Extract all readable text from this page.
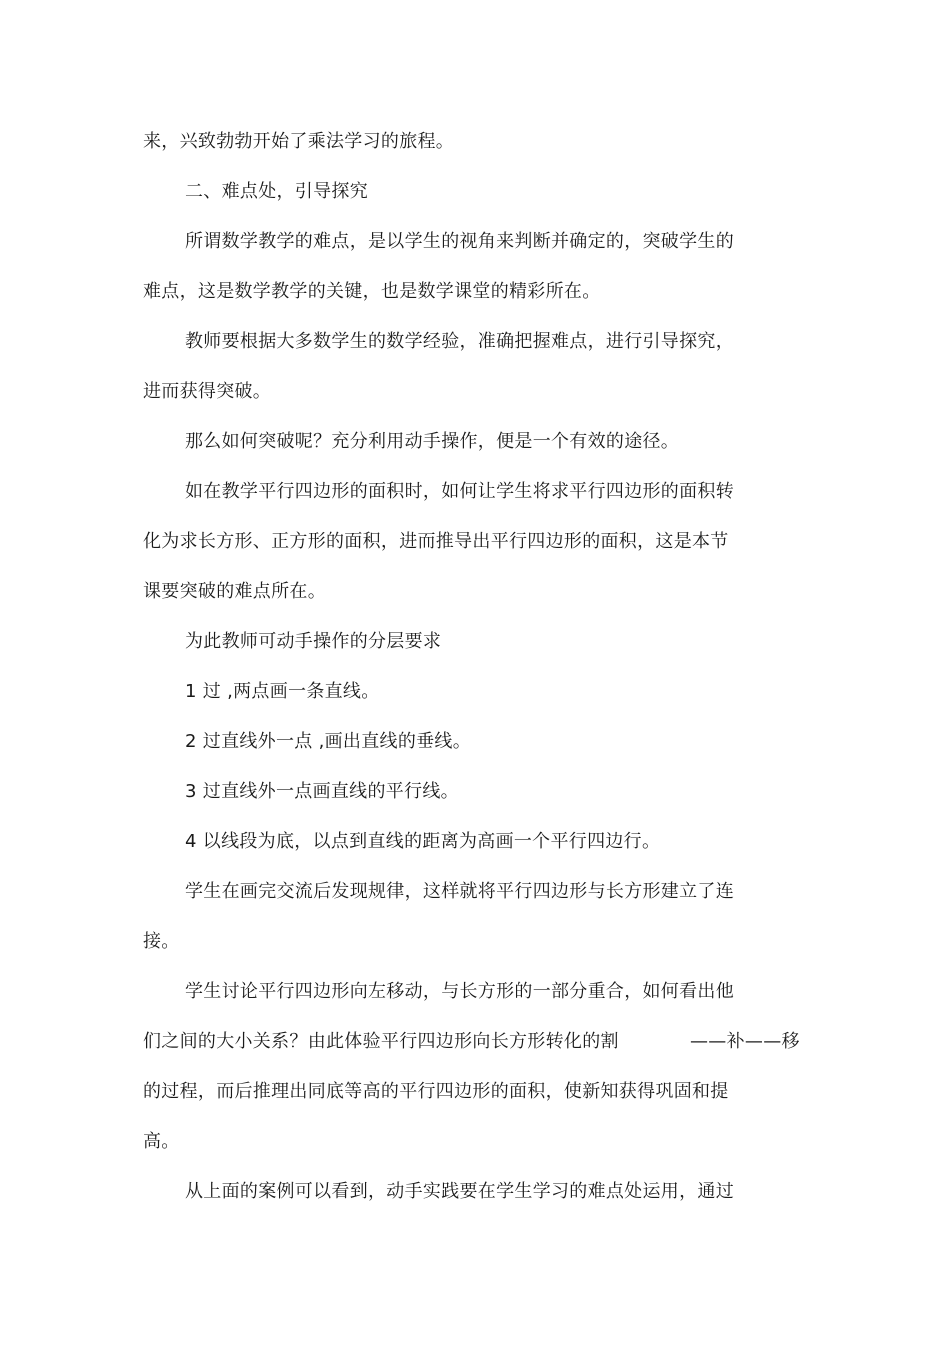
来，兴致勃勃开始了乘法学习的旅程。
二、难点处，引导探究
所谓数学教学的难点，是以学生的视角来判断并确定的，突破学生的
难点，这是数学教学的关键，也是数学课堂的精彩所在。
教师要根据大多数学生的数学经验，准确把握难点，进行引导探究，
进而获得突破。
那么如何突破呢？充分利用动手操作，便是一个有效的途径。
如在教学平行四边形的面积时，如何让学生将求平行四边形的面积转
化为求长方形、正方形的面积，进而推导出平行四边形的面积，这是本节
课要突破的难点所在。
为此教师可动手操作的分层要求
1 过 ,两点画一条直线。
2 过直线外一点 ,画出直线的垂线。
3 过直线外一点画直线的平行线。
4 以线段为底，以点到直线的距离为高画一个平行四边行。
学生在画完交流后发现规律，这样就将平行四边形与长方形建立了连
接。
学生讨论平行四边形向左移动，与长方形的一部分重合，如何看出他
们之间的大小关系？由此体验平行四边形向长方形转化的割	——补——移
的过程，而后推理出同底等高的平行四边形的面积，使新知获得巩固和提
高。
从上面的案例可以看到，动手实践要在学生学习的难点处运用，通过
